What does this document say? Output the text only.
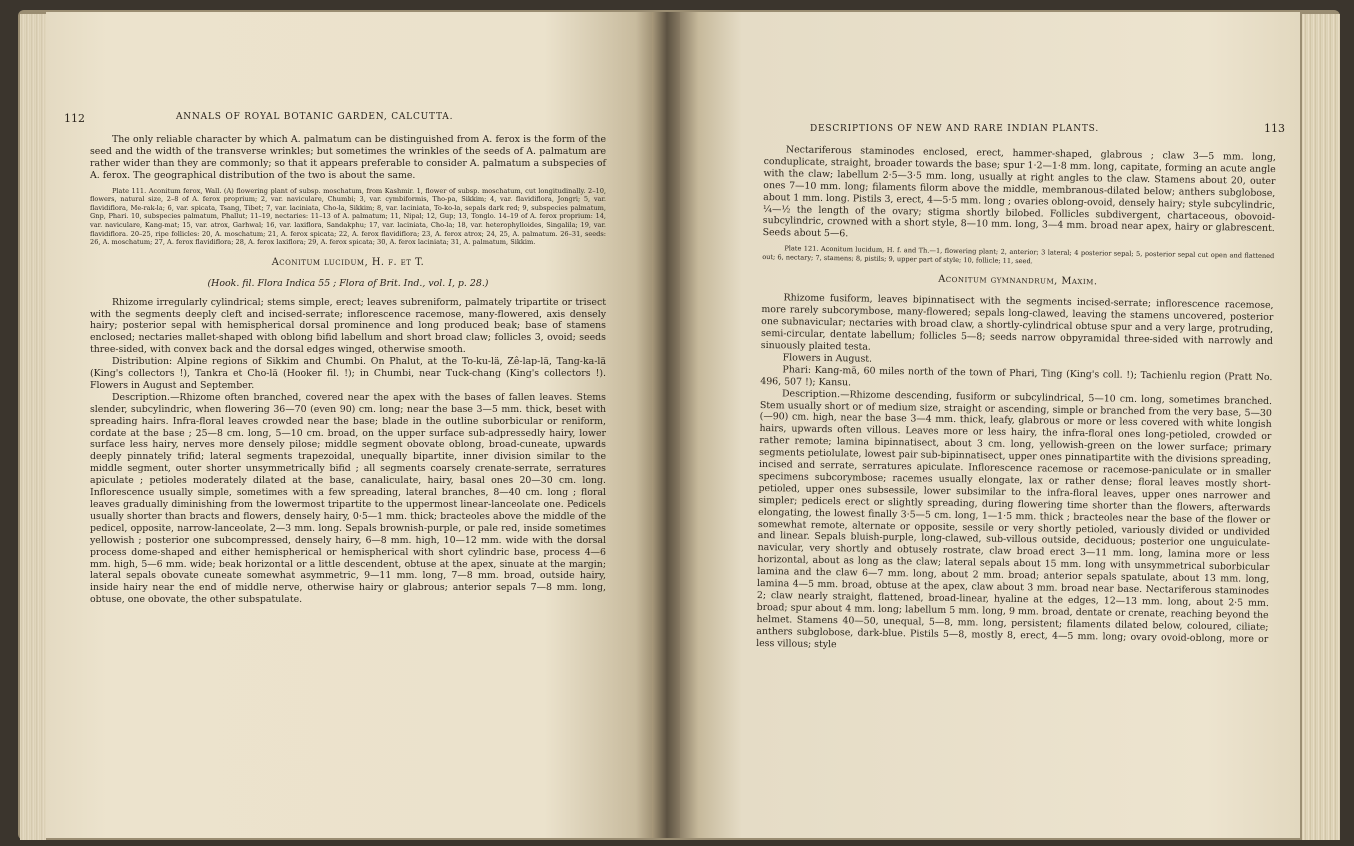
112	ANNALS OF ROYAL BOTANIC GARDEN, CALCUTTA.

The only reliable character by which A. palmatum can be distinguished from A. ferox is the form of the seed and the width of the transverse wrinkles; but sometimes the wrinkles of the seeds of A. palmatum are rather wider than they are commonly; so that it appears preferable to consider A. palmatum a subspecies of A. ferox. The geographical distribution of the two is about the same.

Plate 111. Aconitum ferox, Wall. (A) flowering plant of subsp. moschatum, from Kashmir. 1, flower of subsp. moschatum, cut longitudinally. 2–10, flowers, natural size, 2–8 of A. ferox proprium; 2, var. naviculare, Chumbi; 3, var. cymbiformis, Tho-pa, Sikkim; 4, var. flavidiflora, Jongri; 5, var. flavidiflora, Me-rak-la; 6, var. spicata, Tsang, Tibet; 7, var. laciniata, Cho-la, Sikkim; 8, var. laciniata, To-ko-la, sepals dark red; 9, subspecies palmatum, Gnp, Phari. 10, subspecies palmatum, Phallut; 11–19, nectaries: 11–13 of A. palmatum; 11, Nipal; 12, Gup; 13, Tonglo. 14–19 of A. ferox proprium: 14, var. naviculare, Kang-mat; 15, var. atrox, Garhwal; 16, var. laxiflora, Sandakphu; 17, var. laciniata, Cho-la; 18, var. heterophylloides, Singalila; 19, var. flavidiflora. 20–25, ripe follicles: 20, A. moschatum; 21, A. ferox spicata; 22, A. ferox flavidiflora; 23, A. ferox atrox; 24, 25, A. palmatum. 26–31, seeds: 26, A. moschatum; 27, A. ferox flavidiflora; 28, A. ferox laxiflora; 29, A. ferox spicata; 30, A. ferox laciniata; 31, A. palmatum, Sikkim.

Aconitum lucidum, H. f. et T.
(Hook. fil. Flora Indica 55 ; Flora of Brit. Ind., vol. I, p. 28.)

Rhizome irregularly cylindrical; stems simple, erect; leaves subreniform, palmately tripartite or trisect with the segments deeply cleft and incised-serrate; inflorescence racemose, many-flowered, axis densely hairy; posterior sepal with hemispherical dorsal prominence and long produced beak; base of stamens enclosed; nectaries mallet-shaped with oblong bifid labellum and short broad claw; follicles 3, ovoid; seeds three-sided, with convex back and the dorsal edges winged, otherwise smooth.

Distribution: Alpine regions of Sikkim and Chumbi. On Phalut, at the To-ku-lä, Zê-lap-lä, Tang-ka-lä (King's collectors !), Tankra et Cho-lä (Hooker fil. !); in Chumbi, near Tuck-chang (King's collectors !). Flowers in August and September.

Description.—Rhizome often branched, covered near the apex with the bases of fallen leaves. Stems slender, subcylindric, when flowering 36—70 (even 90) cm. long; near the base 3—5 mm. thick, beset with spreading hairs. Infra-floral leaves crowded near the base; blade in the outline suborbicular or reniform, cordate at the base ; 25—8 cm. long, 5—10 cm. broad, on the upper surface sub-adpressedly hairy, lower surface less hairy, nerves more densely pilose; middle segment obovate oblong, broad-cuneate, upwards deeply pinnately trifid; lateral segments trapezoidal, unequally bipartite, inner division similar to the middle segment, outer shorter unsymmetrically bifid ; all segments coarsely crenate-serrate, serratures apiculate ; petioles moderately dilated at the base, canaliculate, hairy, basal ones 20—30 cm. long. Inflorescence usually simple, sometimes with a few spreading, lateral branches, 8—40 cm. long ; floral leaves gradually diminishing from the lowermost tripartite to the uppermost linear-lanceolate one. Pedicels usually shorter than bracts and flowers, densely hairy, 0·5—1 mm. thick; bracteoles above the middle of the pedicel, opposite, narrow-lanceolate, 2—3 mm. long. Sepals brownish-purple, or pale red, inside sometimes yellowish ; posterior one subcompressed, densely hairy, 6—8 mm. high, 10—12 mm. wide with the dorsal process dome-shaped and either hemispherical or hemispherical with short cylindric base, process 4—6 mm. high, 5—6 mm. wide; beak horizontal or a little descendent, obtuse at the apex, sinuate at the margin; lateral sepals obovate cuneate somewhat asymmetric, 9—11 mm. long, 7—8 mm. broad, outside hairy, inside hairy near the end of middle nerve, otherwise hairy or glabrous; anterior sepals 7—8 mm. long, obtuse, one obovate, the other subspatulate.

DESCRIPTIONS OF NEW AND RARE INDIAN PLANTS.	113

Nectariferous staminodes enclosed, erect, hammer-shaped, glabrous ; claw 3—5 mm. long, conduplicate, straight, broader towards the base; spur 1·2—1·8 mm. long, capitate, forming an acute angle with the claw; labellum 2·5—3·5 mm. long, usually at right angles to the claw. Stamens about 20, outer ones 7—10 mm. long; filaments filorm above the middle, membranous-dilated below; anthers subglobose, about 1 mm. long. Pistils 3, erect, 4—5·5 mm. long ; ovaries oblong-ovoid, densely hairy; style subcylindric, ¼—½ the length of the ovary; stigma shortly bilobed. Follicles subdivergent, chartaceous, obovoid-subcylindric, crowned with a short style, 8—10 mm. long, 3—4 mm. broad near apex, hairy or glabrescent. Seeds about 5—6.

Plate 121. Aconitum lucidum, H. f. and Th.—1, flowering plant; 2, anterior; 3 lateral; 4 posterior sepal; 5, posterior sepal cut open and flattened out; 6, nectary; 7, stamens; 8, pistils; 9, upper part of style; 10, follicle; 11, seed.

Aconitum gymnandrum, Maxim.

Rhizome fusiform, leaves bipinnatisect with the segments incised-serrate; inflorescence racemose, more rarely subcorymbose, many-flowered; sepals long-clawed, leaving the stamens uncovered, posterior one subnavicular; nectaries with broad claw, a shortly-cylindrical obtuse spur and a very large, protruding, semi-circular, dentate labellum; follicles 5—8; seeds narrow obpyramidal three-sided with narrowly and sinuously plaited testa.

Flowers in August.

Phari: Kang-mä, 60 miles north of the town of Phari, Ting (King's coll. !); Tachienlu region (Pratt No. 496, 507 !); Kansu.

Description.—Rhizome descending, fusiform or subcylindrical, 5—10 cm. long, sometimes branched. Stem usually short or of medium size, straight or ascending, simple or branched from the very base, 5—30 (—90) cm. high, near the base 3—4 mm. thick, leafy, glabrous or more or less covered with white longish hairs, upwards often villous. Leaves more or less hairy, the infra-floral ones long-petioled, crowded or rather remote; lamina bipinnatisect, about 3 cm. long, yellowish-green on the lower surface; primary segments petiolulate, lowest pair sub-bipinnatisect, upper ones pinnatipartite with the divisions spreading, incised and serrate, serratures apiculate. Inflorescence racemose or racemose-paniculate or in smaller specimens subcorymbose; racemes usually elongate, lax or rather dense; floral leaves mostly short-petioled, upper ones subsessile, lower subsimilar to the infra-floral leaves, upper ones narrower and simpler; pedicels erect or slightly spreading, during flowering time shorter than the flowers, afterwards elongating, the lowest finally 3·5—5 cm. long, 1—1·5 mm. thick ; bracteoles near the base of the flower or somewhat remote, alternate or opposite, sessile or very shortly petioled, variously divided or undivided and linear. Sepals bluish-purple, long-clawed, sub-villous outside, deciduous; posterior one unguiculate-navicular, very shortly and obtusely rostrate, claw broad erect 3—11 mm. long, lamina more or less horizontal, about as long as the claw; lateral sepals about 15 mm. long with unsymmetrical suborbicular lamina and the claw 6—7 mm. long, about 2 mm. broad; anterior sepals spatulate, about 13 mm. long, lamina 4—5 mm. broad, obtuse at the apex, claw about 3 mm. broad near base. Nectariferous staminodes 2; claw nearly straight, flattened, broad-linear, hyaline at the edges, 12—13 mm. long, about 2·5 mm. broad; spur about 4 mm. long; labellum 5 mm. long, 9 mm. broad, dentate or crenate, reaching beyond the helmet. Stamens 40—50, unequal, 5—8, mm. long, persistent; filaments dilated below, coloured, ciliate; anthers subglobose, dark-blue. Pistils 5—8, mostly 8, erect, 4—5 mm. long; ovary ovoid-oblong, more or less villous; style
